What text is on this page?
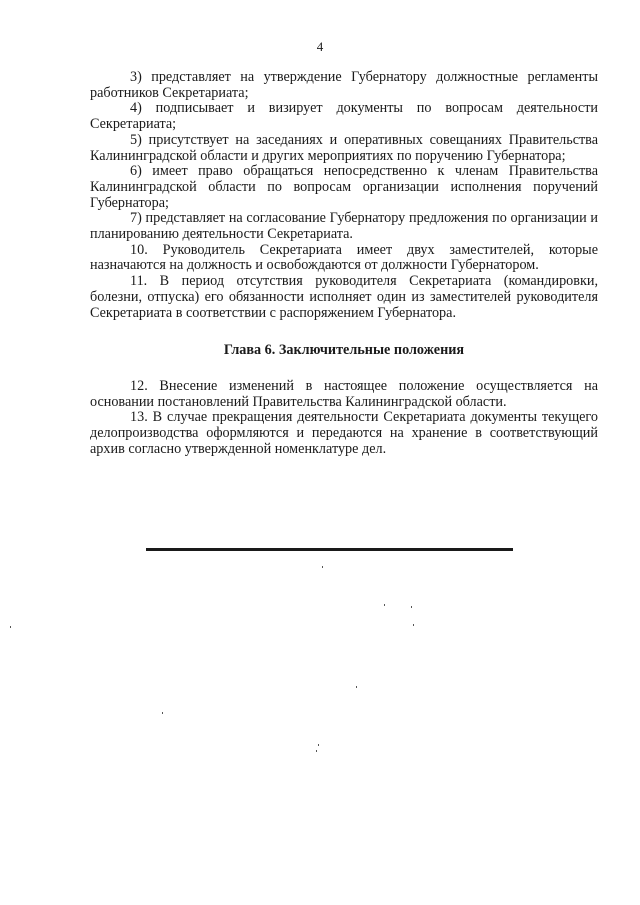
4

3) представляет на утверждение Губернатору должностные регламенты работников Секретариата;

4) подписывает и визирует документы по вопросам деятельности Секретариата;

5) присутствует на заседаниях и оперативных совещаниях Правительства Калининградской области и других мероприятиях по поручению Губернатора;

6) имеет право обращаться непосредственно к членам Правительства Калининградской области по вопросам организации исполнения поручений Губернатора;

7) представляет на согласование Губернатору предложения по организации и планированию деятельности Секретариата.

10. Руководитель Секретариата имеет двух заместителей, которые назначаются на должность и освобождаются от должности Губернатором.

11. В период отсутствия руководителя Секретариата (командировки, болезни, отпуска) его обязанности исполняет один из заместителей руководителя Секретариата в соответствии с распоряжением Губернатора.

Глава 6. Заключительные положения

12. Внесение изменений в настоящее положение осуществляется на основании постановлений Правительства Калининградской области.

13. В случае прекращения деятельности Секретариата документы текущего делопроизводства оформляются и передаются на хранение в соответствующий архив согласно утвержденной номенклатуре дел.
